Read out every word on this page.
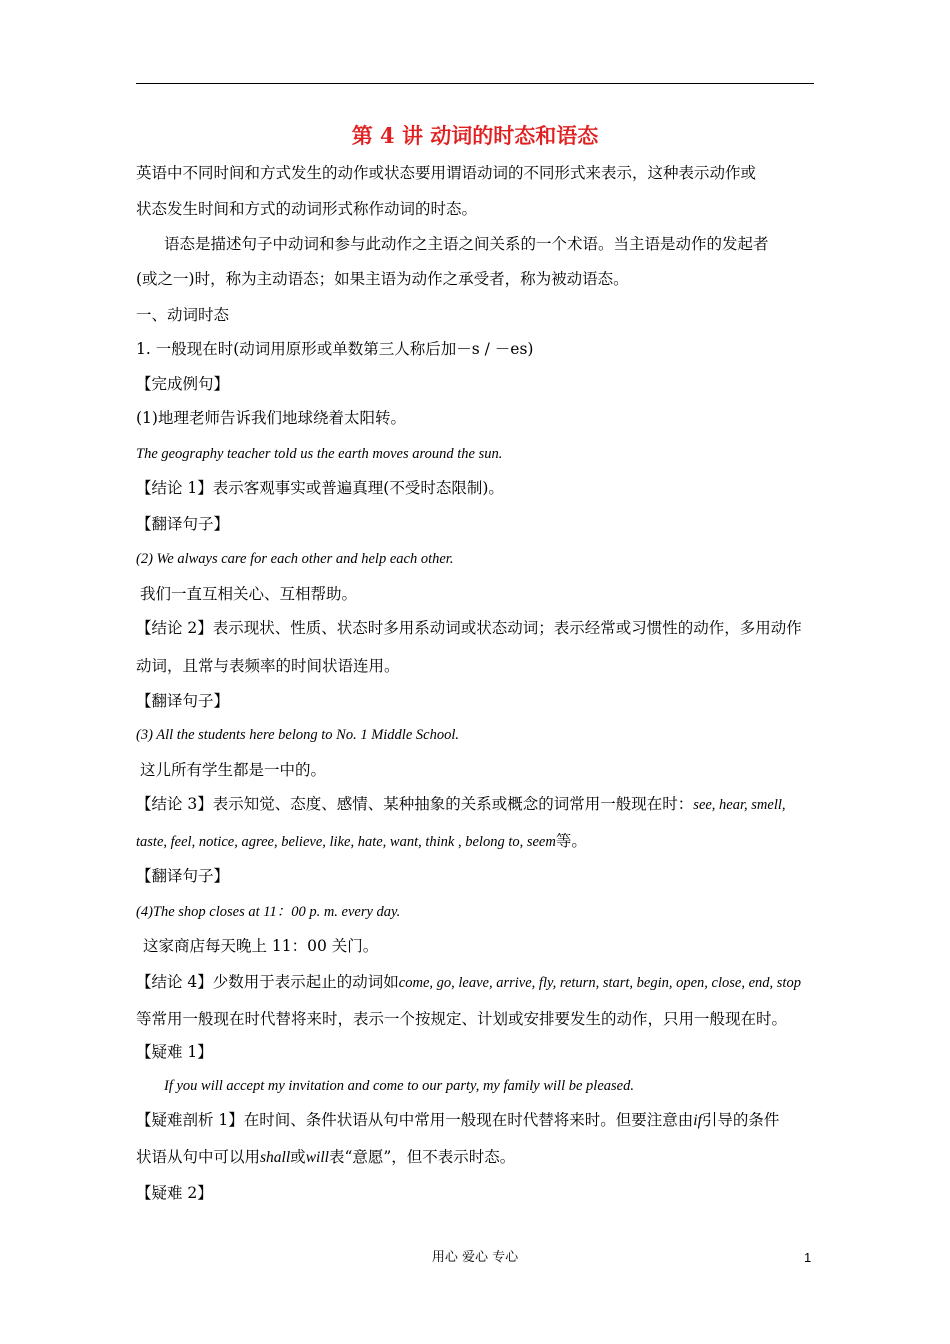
第 4 讲 动词的时态和语态
英语中不同时间和方式发生的动作或状态要用谓语动词的不同形式来表示，这种表示动作或
状态发生时间和方式的动词形式称作动词的时态。
语态是描述句子中动词和参与此动作之主语之间关系的一个术语。当主语是动作的发起者
(或之一)时，称为主动语态；如果主语为动作之承受者，称为被动语态。
一、动词时态
1. 一般现在时(动词用原形或单数第三人称后加－s / －es)
【完成例句】
(1)地理老师告诉我们地球绕着太阳转。
The geography teacher told us the earth moves around the sun.
【结论 1】表示客观事实或普遍真理(不受时态限制)。
【翻译句子】
(2) We always care for each other and help each other.
我们一直互相关心、互相帮助。
【结论 2】表示现状、性质、状态时多用系动词或状态动词；表示经常或习惯性的动作，多用动作
动词，且常与表频率的时间状语连用。
【翻译句子】
(3) All the students here belong to No. 1 Middle School.
这儿所有学生都是一中的。
【结论 3】表示知觉、态度、感情、某种抽象的关系或概念的词常用一般现在时：see, hear, smell,
taste, feel, notice, agree, believe, like, hate, want, think , belong to, seem等。
【翻译句子】
(4)The shop closes at 11：00 p. m. every day.
这家商店每天晚上 11：00 关门。
【结论 4】少数用于表示起止的动词如come, go, leave, arrive, fly, return, start, begin, open, close, end, stop
等常用一般现在时代替将来时，表示一个按规定、计划或安排要发生的动作，只用一般现在时。
【疑难 1】
If you will accept my invitation and come to our party, my family will be pleased.
【疑难剖析 1】在时间、条件状语从句中常用一般现在时代替将来时。但要注意由if引导的条件
状语从句中可以用shall或will表“意愿”，但不表示时态。
【疑难 2】
用心 爱心 专心	1
